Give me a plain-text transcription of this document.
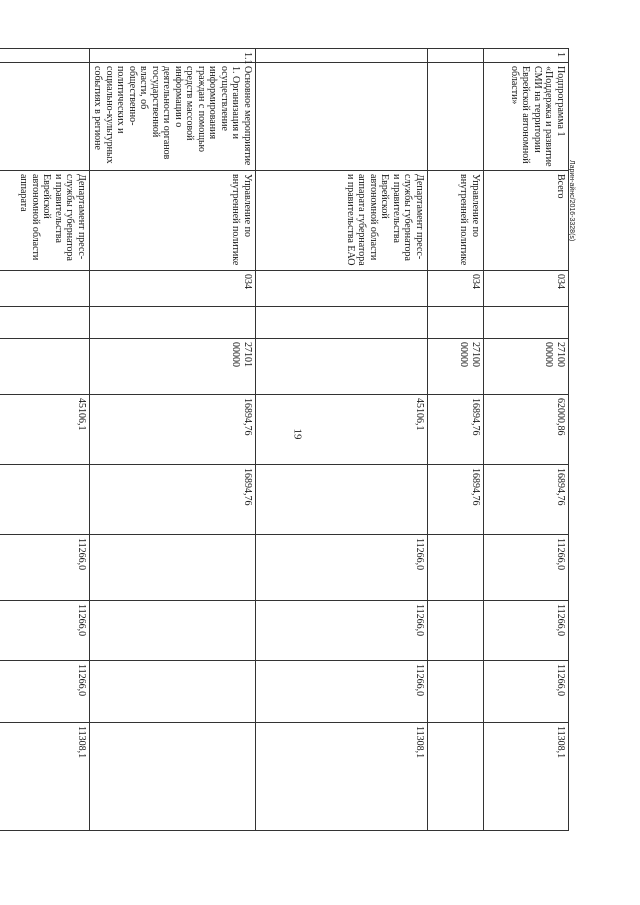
19
Ларин-айнс/2016-3328(s)
1	Подпрограмма 1 «Поддержка и развитие СМИ на территории Еврейской автономной области»	Всего	034		27100 00000	62000,86	16894,76	11266,0	11266,0	11266,0	11308,1
		Управление по внутренней политике	034		27100 00000	16894,76	16894,76				
		Департамент пресс-службы губернатора и правительства Еврейской автономной области аппарата губернатора и правительства ЕАО				45106,1		11266,0	11266,0	11266,0	11308,1
1.1	Основное мероприятие 1. Организация и осуществление информирования граждан с помощью средств массовой информации о деятельности органов государственной власти, об общественно-политических и социально-культурных событиях в регионе	Управление по внутренней политике	034		27101 00000	16894,76	16894,76				
		Департамент пресс-службы губернатора и правительства Еврейской автономной области аппарата				45106,1		11266,0	11266,0	11266,0	11308,1
